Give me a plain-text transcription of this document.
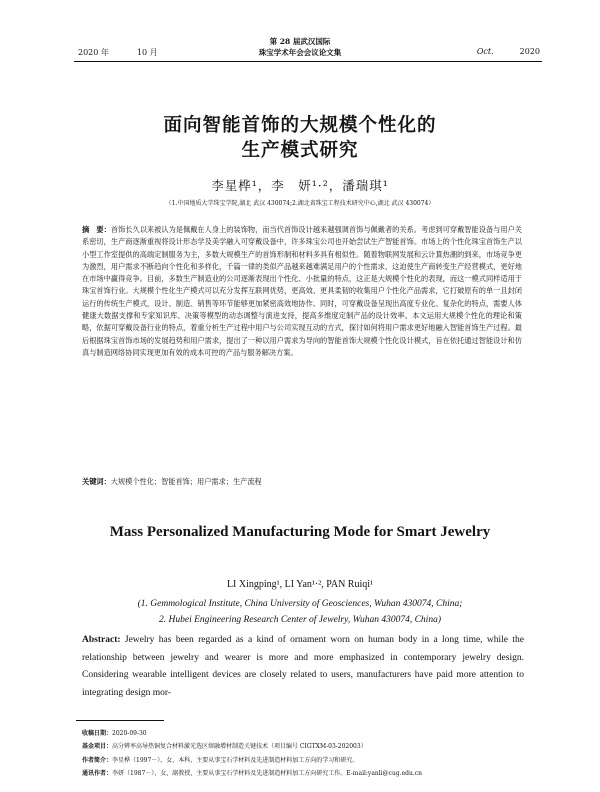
2020 年	10 月
第 28 届武汉国际
珠宝学术年会会议论文集	Oct.	2020
面向智能首饰的大规模个性化的
生产模式研究
李星桦¹，李　妍¹·²，潘瑞琪¹
（1.中国地质大学珠宝学院,湖北 武汉 430074;2.湖北省珠宝工程技术研究中心,湖北 武汉 430074）
摘　要：首饰长久以来被认为是佩戴在人身上的装饰物，而当代首饰设计越来越强调首饰与佩戴者的关系。考虑到可穿戴智能设备与用户关系密切，生产商逐渐重视将设计形态学及美学融入可穿戴设备中，许多珠宝公司也开始尝试生产智能首饰。市场上的个性化珠宝首饰生产以小型工作室提供的高端定制服务为主，多数大规模生产的首饰形制和材料多具有相似性。随着物联网发展和云计算热潮的到来，市场竞争更为激烈，用户需求不断趋向个性化和多样化，千篇一律的类似产品越来越难满足用户的个性需求，这迫使生产商转变生产经营模式，更好地在市场中赢得竞争。目前，多数生产制造业的公司逐渐表现出个性化、小批量的特点，这正是大规模个性化的表现，而这一模式同样适用于珠宝首饰行业。大规模个性化生产模式可以充分发挥互联网优势，更高效、更具柔韧的收集用户个性化产品需求，它打破原有的单一且封闭运行的传统生产模式，设计、制造、销售等环节能够更加紧密高效地协作。同时，可穿戴设备呈现出高度专业化、复杂化的特点，需要人体健康大数据支撑和专家知识库、决策等模型的动态调整与演进支持，提高多维度定制产品的设计效率。本文运用大规模个性化的理论和策略，依据可穿戴设备行业的特点，着重分析生产过程中用户与公司实现互动的方式，探讨如何将用户需求更好地融入智能首饰生产过程。最后根据珠宝首饰市场的发展趋势和用户需求，提出了一种以用户需求为导向的智能首饰大规模个性化设计模式，旨在依托通过智能设计和仿真与制造网络协同实现更加有效的成本可控的产品与服务解决方案。
关键词：大规模个性化；智能首饰；用户需求；生产流程
Mass Personalized Manufacturing Mode for Smart Jewelry
LI Xingping¹, LI Yan¹·², PAN Ruiqi¹
(1. Gemmological Institute, China University of Geosciences, Wuhan 430074, China;
2. Hubei Engineering Research Center of Jewelry, Wuhan 430074, China)
Abstract: Jewelry has been regarded as a kind of ornament worn on human body in a long time, while the relationship between jewelry and wearer is more and more emphasized in contemporary jewelry design. Considering wearable intelligent devices are closely related to users, manufacturers have paid more attention to integrating design mor-
收稿日期：2020-09-30
基金项目：高分辨率高导热铜复合材料激光选区熔融增材制造关键技术（项目编号 CIGTXM-03-202003）
作者简介：李星桦（1997－），女，本科，主要从事宝石学材料及先进制造材料加工方向的学习和研究。
通讯作者：李妍（1987－），女，副教授，主要从事宝石学材料及先进制造材料加工方向研究工作。E-mail:yanli@cug.edu.cn
